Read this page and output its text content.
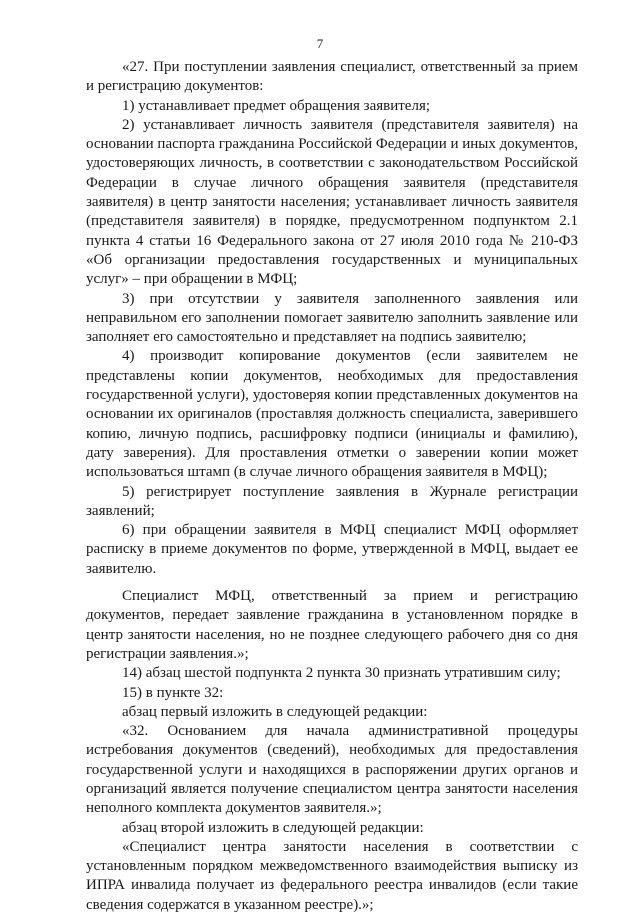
7

«27. При поступлении заявления специалист, ответственный за прием и регистрацию документов:

1) устанавливает предмет обращения заявителя;

2) устанавливает личность заявителя (представителя заявителя) на основании паспорта гражданина Российской Федерации и иных документов, удостоверяющих личность, в соответствии с законодательством Российской Федерации в случае личного обращения заявителя (представителя заявителя) в центр занятости населения; устанавливает личность заявителя (представителя заявителя) в порядке, предусмотренном подпунктом 2.1 пункта 4 статьи 16 Федерального закона от 27 июля 2010 года № 210-ФЗ «Об организации предоставления государственных и муниципальных услуг» – при обращении в МФЦ;

3) при отсутствии у заявителя заполненного заявления или неправильном его заполнении помогает заявителю заполнить заявление или заполняет его самостоятельно и представляет на подпись заявителю;

4) производит копирование документов (если заявителем не представлены копии документов, необходимых для предоставления государственной услуги), удостоверяя копии представленных документов на основании их оригиналов (проставляя должность специалиста, заверившего копию, личную подпись, расшифровку подписи (инициалы и фамилию), дату заверения). Для проставления отметки о заверении копии может использоваться штамп (в случае личного обращения заявителя в МФЦ);

5) регистрирует поступление заявления в Журнале регистрации заявлений;

6) при обращении заявителя в МФЦ специалист МФЦ оформляет расписку в приеме документов по форме, утвержденной в МФЦ, выдает ее заявителю.

Специалист МФЦ, ответственный за прием и регистрацию документов, передает заявление гражданина в установленном порядке в центр занятости населения, но не позднее следующего рабочего дня со дня регистрации заявления.»;

14) абзац шестой подпункта 2 пункта 30 признать утратившим силу;

15) в пункте 32:

абзац первый изложить в следующей редакции:

«32. Основанием для начала административной процедуры истребования документов (сведений), необходимых для предоставления государственной услуги и находящихся в распоряжении других органов и организаций является получение специалистом центра занятости населения неполного комплекта документов заявителя.»;

абзац второй изложить в следующей редакции:

«Специалист центра занятости населения в соответствии с установленным порядком межведомственного взаимодействия выписку из ИПРА инвалида получает из федерального реестра инвалидов (если такие сведения содержатся в указанном реестре).»;
